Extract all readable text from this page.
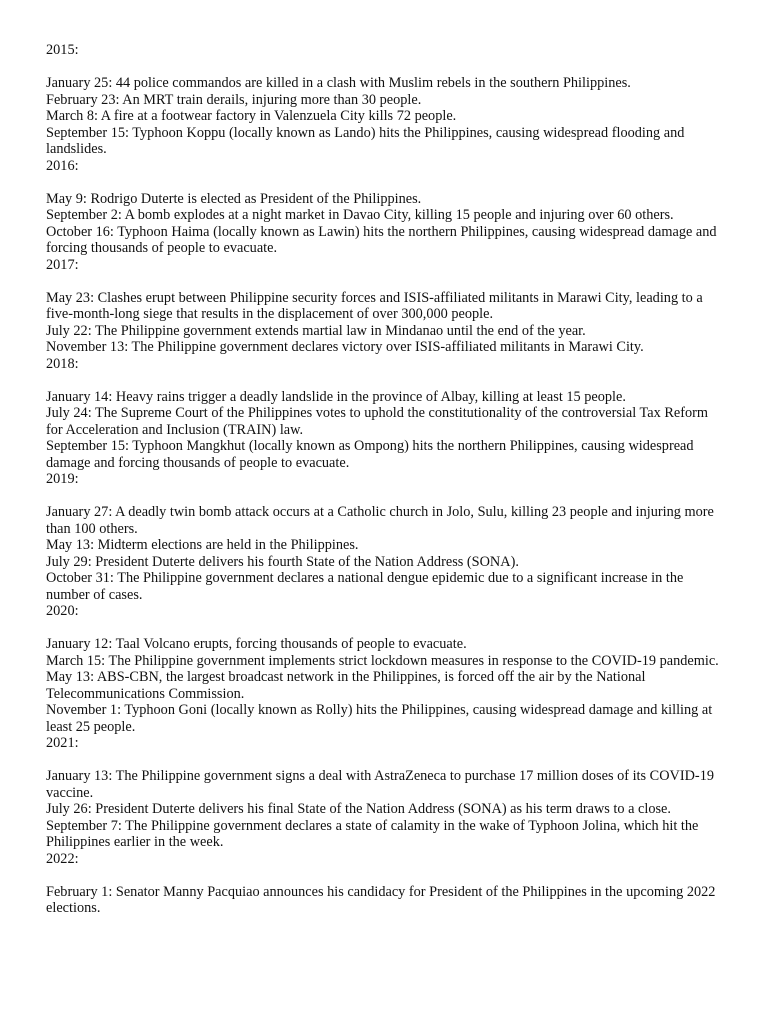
2015:

January 25: 44 police commandos are killed in a clash with Muslim rebels in the southern Philippines.

February 23: An MRT train derails, injuring more than 30 people.

March 8: A fire at a footwear factory in Valenzuela City kills 72 people.

September 15: Typhoon Koppu (locally known as Lando) hits the Philippines, causing widespread flooding and landslides.

2016:

May 9: Rodrigo Duterte is elected as President of the Philippines.

September 2: A bomb explodes at a night market in Davao City, killing 15 people and injuring over 60 others.

October 16: Typhoon Haima (locally known as Lawin) hits the northern Philippines, causing widespread damage and forcing thousands of people to evacuate.

2017:

May 23: Clashes erupt between Philippine security forces and ISIS-affiliated militants in Marawi City, leading to a five-month-long siege that results in the displacement of over 300,000 people.

July 22: The Philippine government extends martial law in Mindanao until the end of the year.

November 13: The Philippine government declares victory over ISIS-affiliated militants in Marawi City.

2018:

January 14: Heavy rains trigger a deadly landslide in the province of Albay, killing at least 15 people.

July 24: The Supreme Court of the Philippines votes to uphold the constitutionality of the controversial Tax Reform for Acceleration and Inclusion (TRAIN) law.

September 15: Typhoon Mangkhut (locally known as Ompong) hits the northern Philippines, causing widespread damage and forcing thousands of people to evacuate.

2019:

January 27: A deadly twin bomb attack occurs at a Catholic church in Jolo, Sulu, killing 23 people and injuring more than 100 others.

May 13: Midterm elections are held in the Philippines.

July 29: President Duterte delivers his fourth State of the Nation Address (SONA).

October 31: The Philippine government declares a national dengue epidemic due to a significant increase in the number of cases.

2020:

January 12: Taal Volcano erupts, forcing thousands of people to evacuate.

March 15: The Philippine government implements strict lockdown measures in response to the COVID-19 pandemic.

May 13: ABS-CBN, the largest broadcast network in the Philippines, is forced off the air by the National Telecommunications Commission.

November 1: Typhoon Goni (locally known as Rolly) hits the Philippines, causing widespread damage and killing at least 25 people.

2021:

January 13: The Philippine government signs a deal with AstraZeneca to purchase 17 million doses of its COVID-19 vaccine.

July 26: President Duterte delivers his final State of the Nation Address (SONA) as his term draws to a close.

September 7: The Philippine government declares a state of calamity in the wake of Typhoon Jolina, which hit the Philippines earlier in the week.

2022:

February 1: Senator Manny Pacquiao announces his candidacy for President of the Philippines in the upcoming 2022 elections.
